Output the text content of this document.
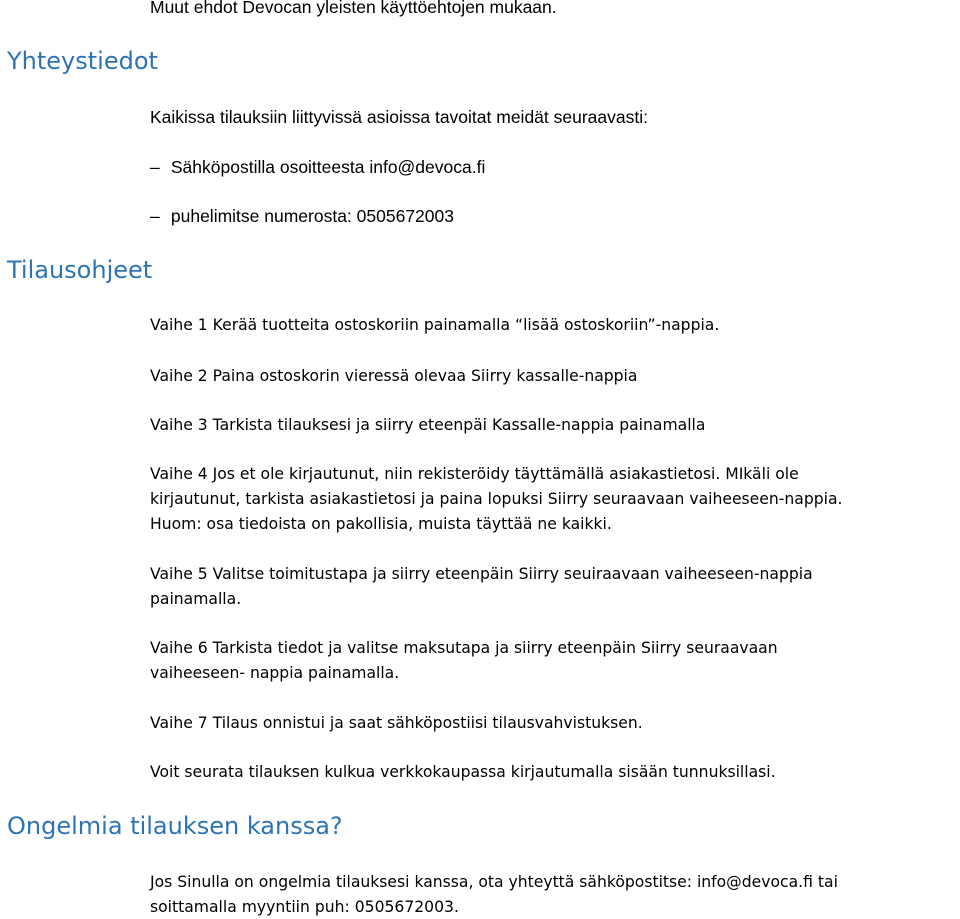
Muut ehdot Devocan yleisten käyttöehtojen mukaan.
Yhteystiedot
Kaikissa tilauksiin liittyvissä asioissa tavoitat meidät seuraavasti:
– Sähköpostilla osoitteesta info@devoca.fi
– puhelimitse numerosta: 0505672003
Tilausohjeet
Vaihe 1 Kerää tuotteita ostoskoriin painamalla “lisää ostoskoriin”-nappia.
Vaihe 2 Paina ostoskorin vieressä olevaa Siirry kassalle-nappia
Vaihe 3 Tarkista tilauksesi ja siirry eteenpäi Kassalle-nappia painamalla
Vaihe 4 Jos et ole kirjautunut, niin rekisteröidy täyttämällä asiakastietosi. MIkäli ole
kirjautunut, tarkista asiakastietosi ja paina lopuksi Siirry seuraavaan vaiheeseen-nappia.
Huom: osa tiedoista on pakollisia, muista täyttää ne kaikki.
Vaihe 5 Valitse toimitustapa ja siirry eteenpäin Siirry seuiraavaan vaiheeseen-nappia
painamalla.
Vaihe 6 Tarkista tiedot ja valitse maksutapa ja siirry eteenpäin Siirry seuraavaan
vaiheeseen- nappia painamalla.
Vaihe 7 Tilaus onnistui ja saat sähköpostiisi tilausvahvistuksen.
Voit seurata tilauksen kulkua verkkokaupassa kirjautumalla sisään tunnuksillasi.
Ongelmia tilauksen kanssa?
Jos Sinulla on ongelmia tilauksesi kanssa, ota yhteyttä sähköpostitse: info@devoca.fi tai
soittamalla myyntiin puh: 0505672003.
